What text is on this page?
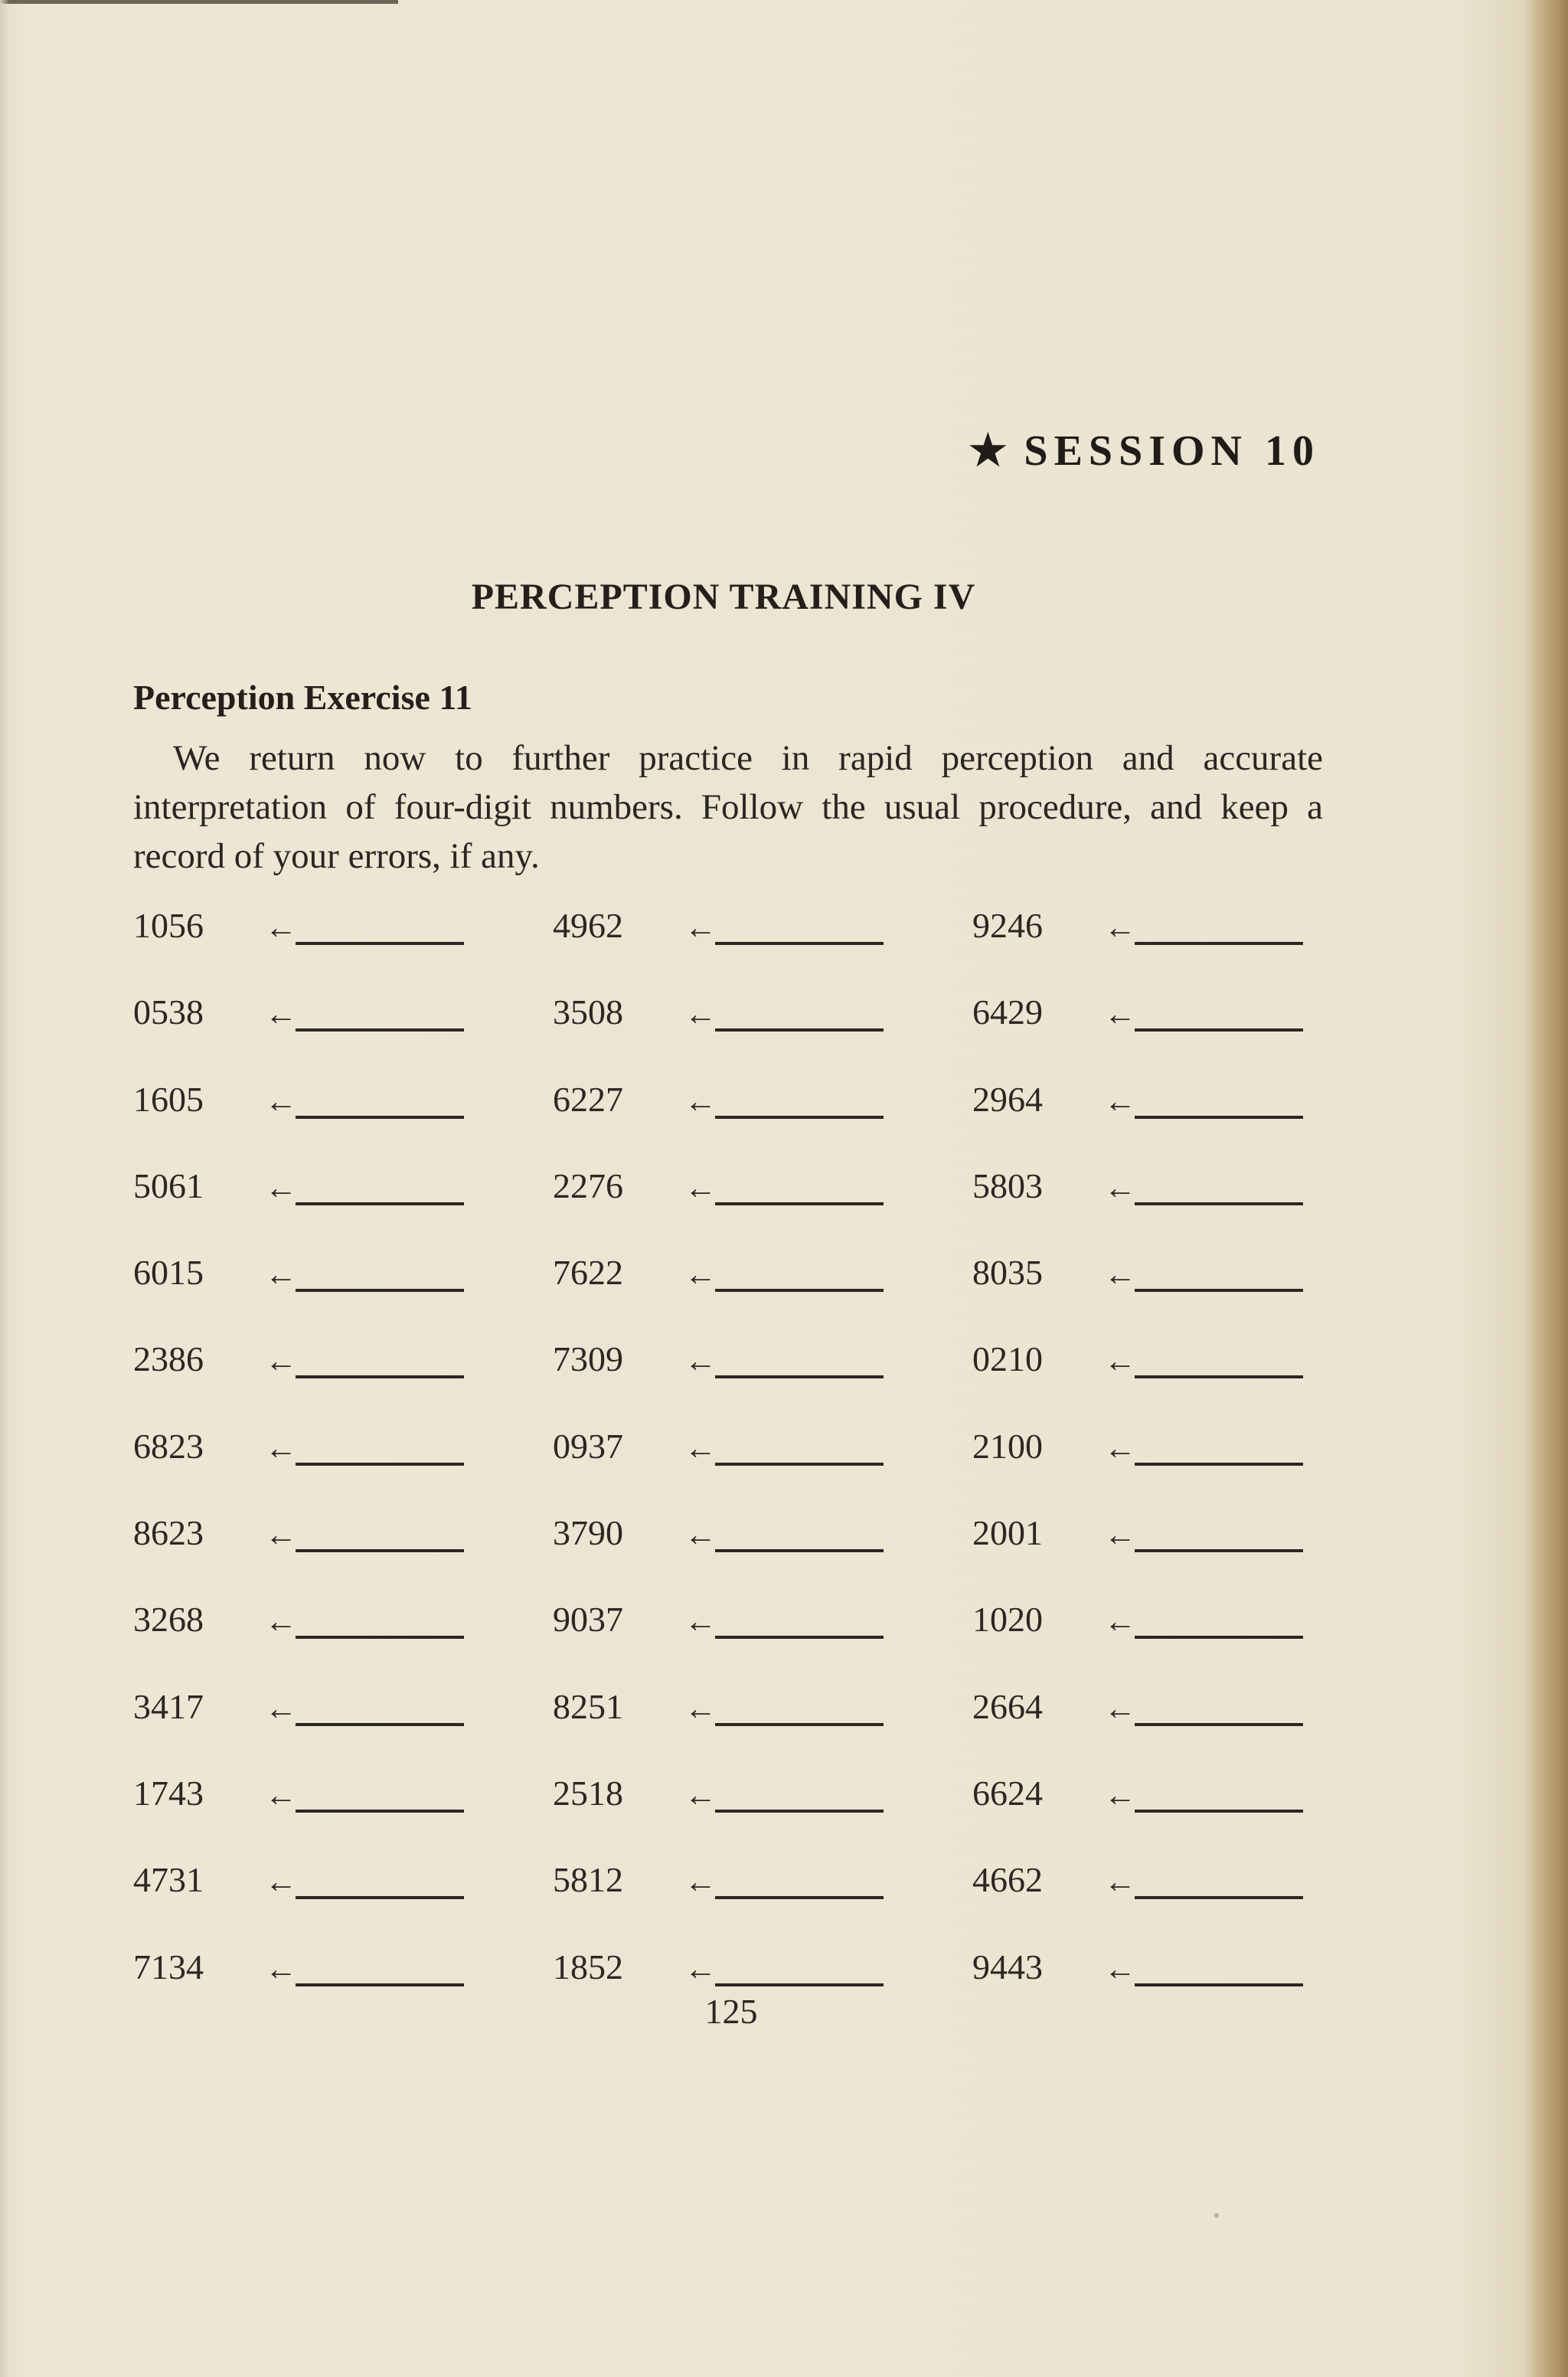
★ SESSION 10
PERCEPTION TRAINING IV
Perception Exercise 11
We return now to further practice in rapid perception and accurate interpretation of four-digit numbers. Follow the usual procedure, and keep a record of your errors, if any.
1056	←	4962	←	9246	←
0538	←	3508	←	6429	←
1605	←	6227	←	2964	←
5061	←	2276	←	5803	←
6015	←	7622	←	8035	←
2386	←	7309	←	0210	←
6823	←	0937	←	2100	←
8623	←	3790	←	2001	←
3268	←	9037	←	1020	←
3417	←	8251	←	2664	←
1743	←	2518	←	6624	←
4731	←	5812	←	4662	←
7134	←	1852	←	9443	←
125
